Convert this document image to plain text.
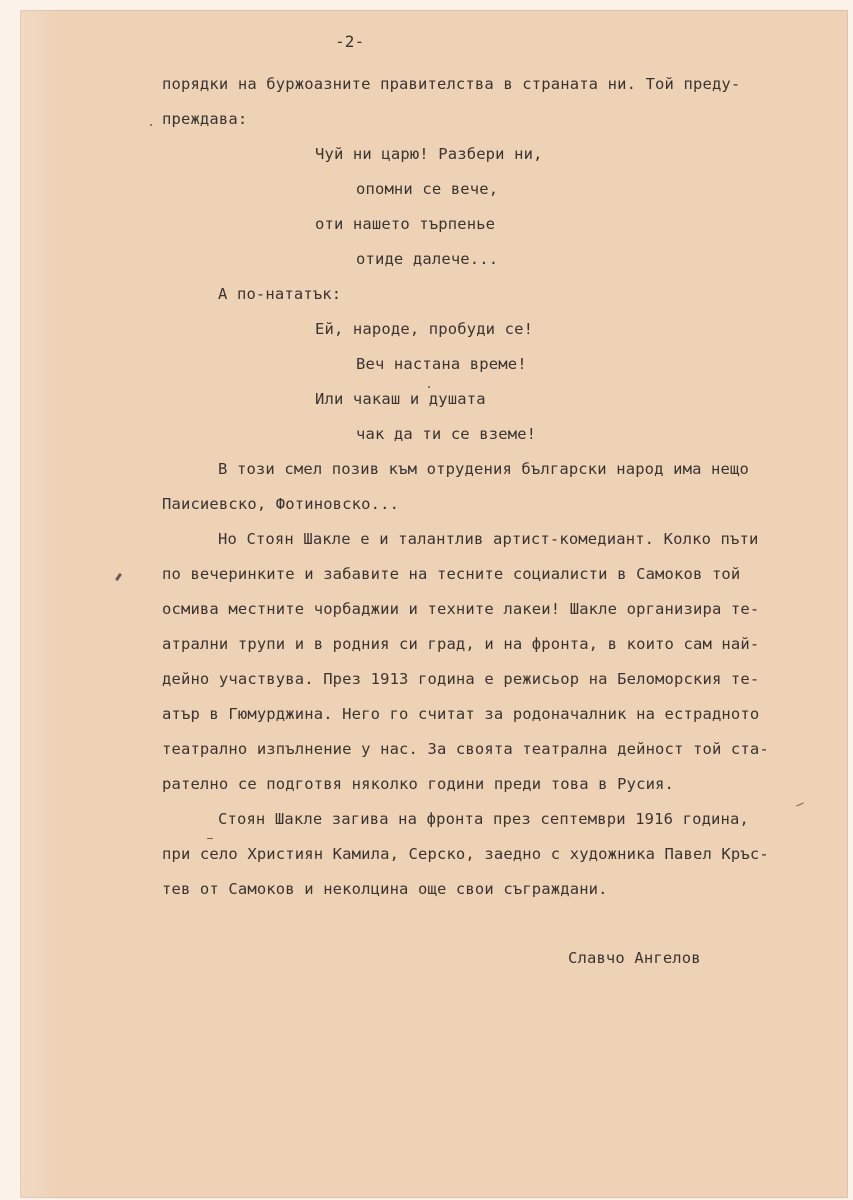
-2-
порядки на буржоазните правителства в страната ни. Той преду-
преждава:
Чуй ни царю! Разбери ни,
опомни се вече,
оти нашето търпенье
отиде далече...
А по-нататък:
Ей, народе, пробуди се!
Веч настана време!
Или чакаш и душата
чак да ти се вземе!
В този смел позив към отрудения български народ има нещо
Паисиевско, Фотиновско...
Но Стоян Шакле е и талантлив артист-комедиант. Колко пъти
по вечеринките и забавите на тесните социалисти в Самоков той
осмива местните чорбаджии и техните лакеи! Шакле организира те-
атрални трупи и в родния си град, и на фронта, в които сам най-
дейно участвува. През 1913 година е режисьор на Беломорския те-
атър в Гюмурджина. Него го считат за родоначалник на естрадното
театрално изпълнение у нас. За своята театрална дейност той ста-
рателно се подготвя няколко години преди това в Русия.
Стоян Шакле загива на фронта през септември 1916 година,
при село Християн Камила, Серско, заедно с художника Павел Кръс-
тев от Самоков и неколцина още свои съграждани.
Славчо Ангелов
